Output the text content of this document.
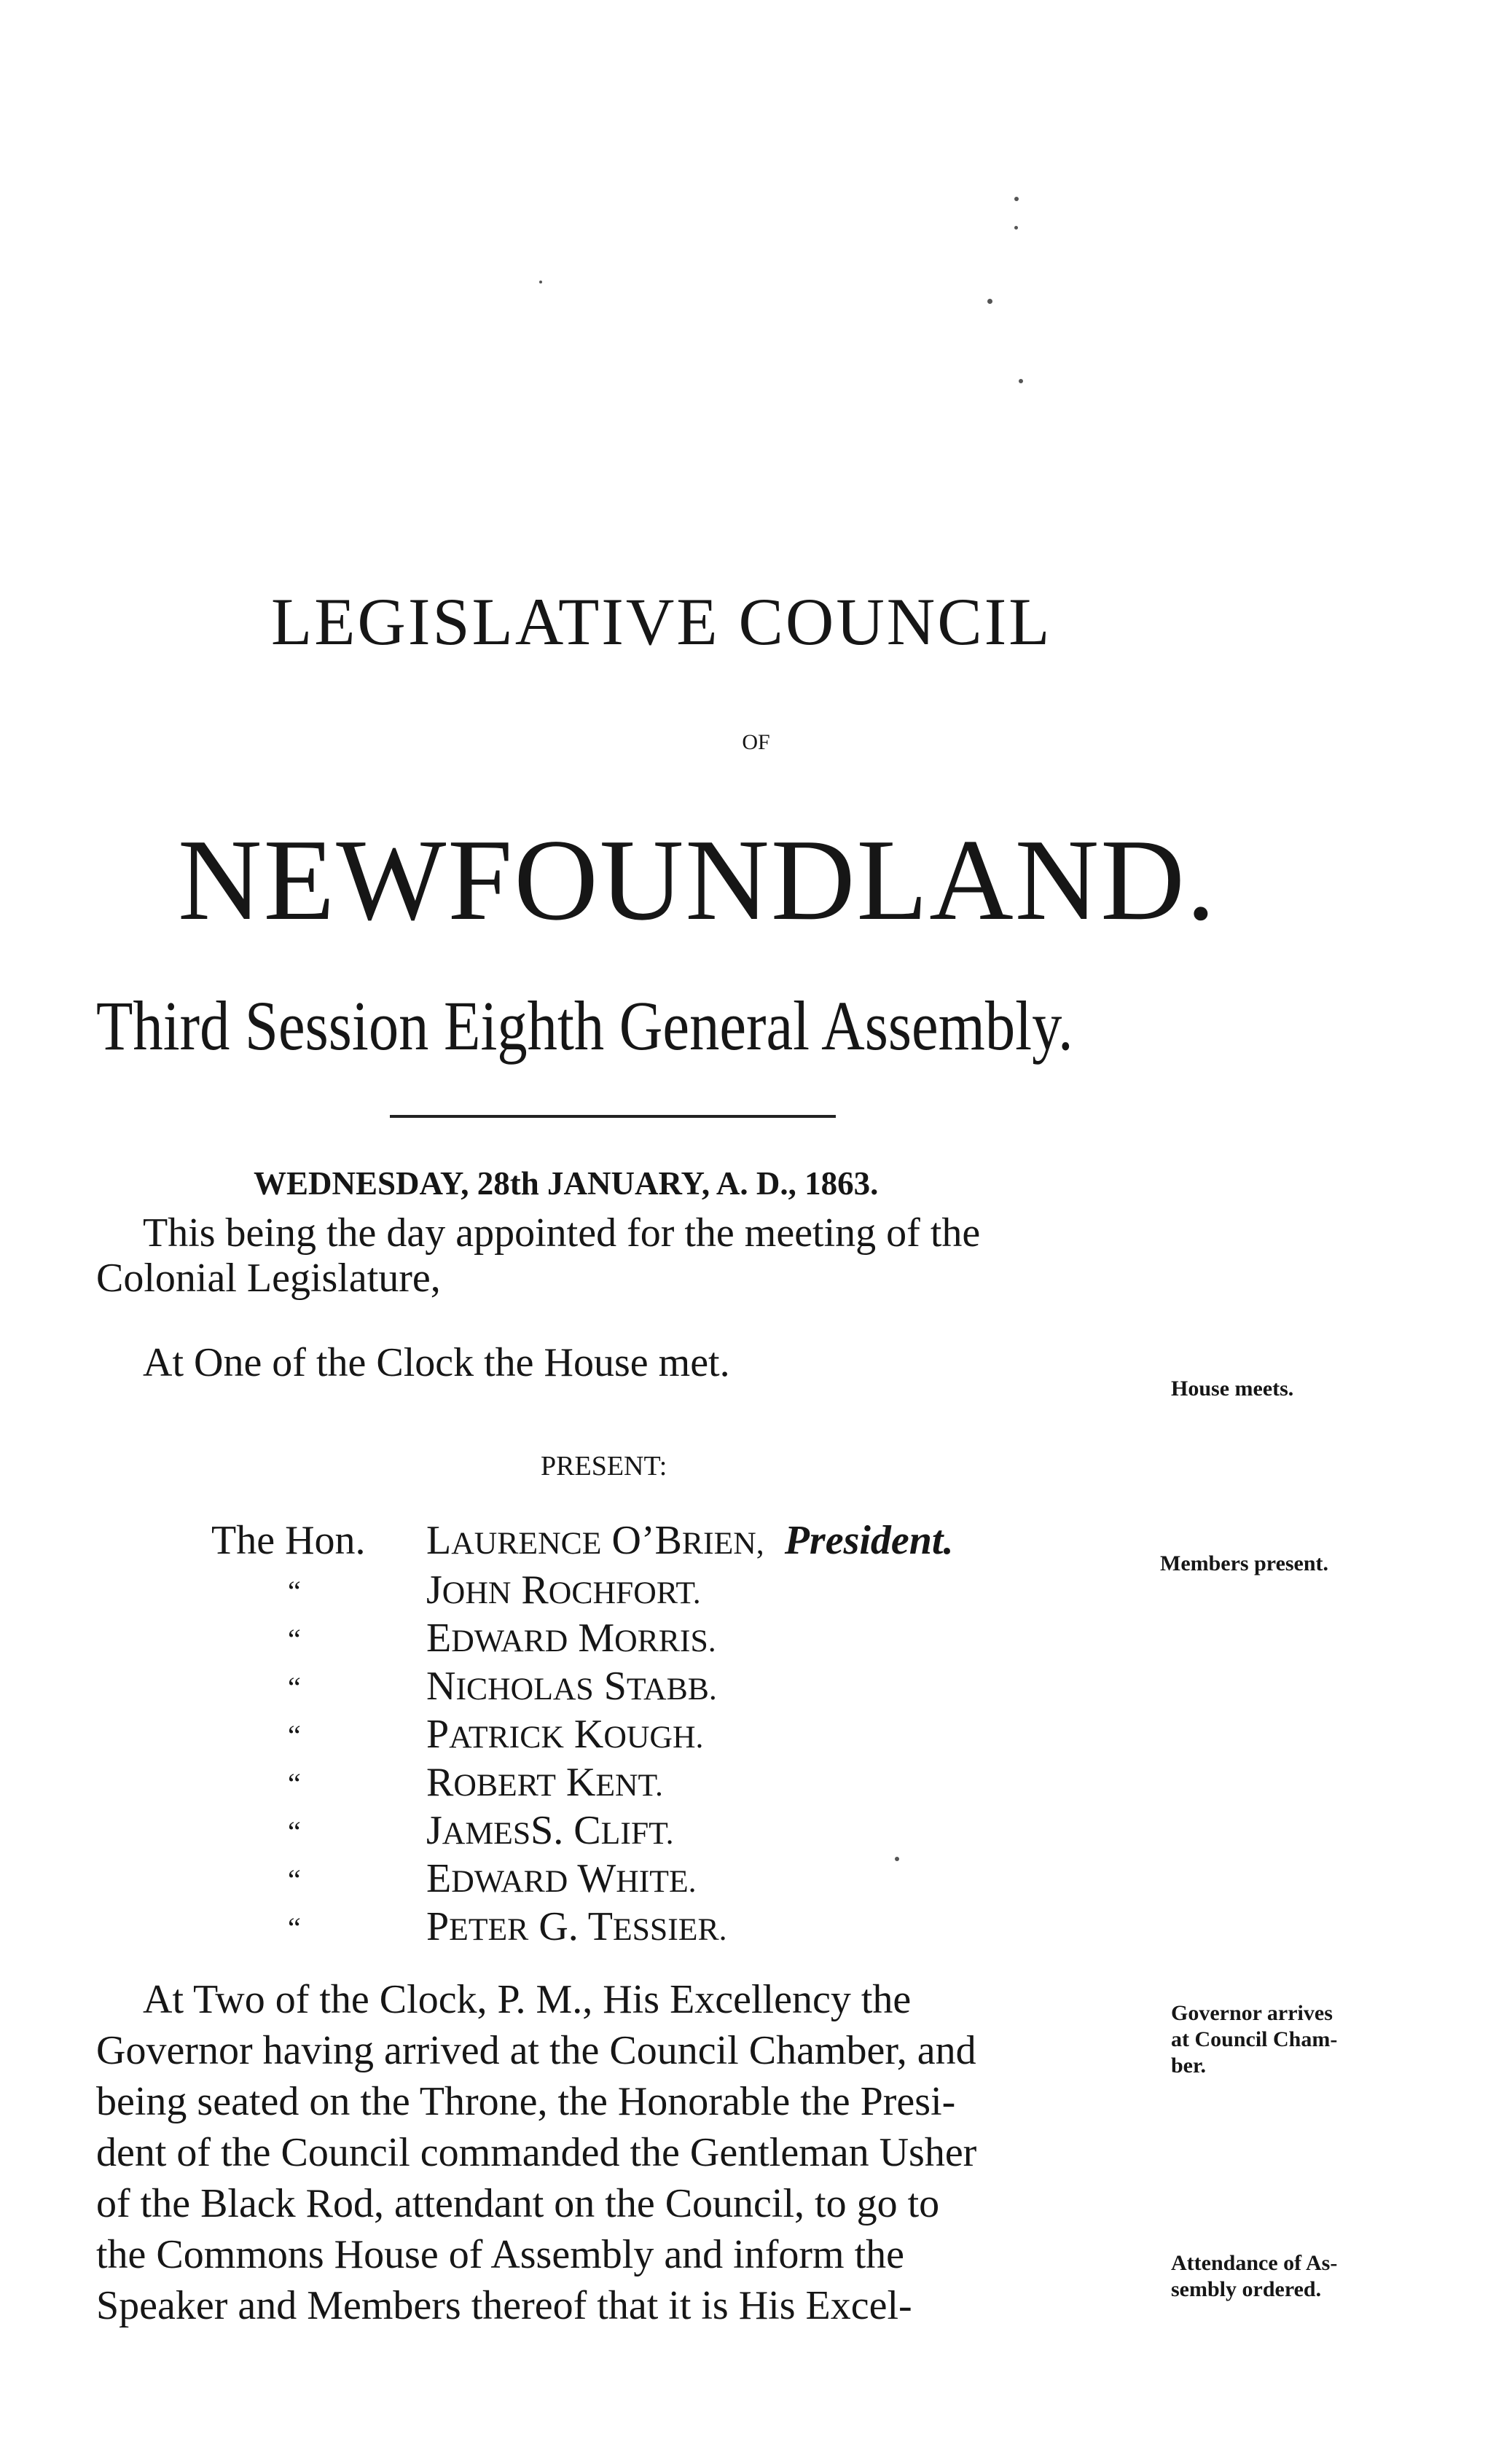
LEGISLATIVE COUNCIL
OF
NEWFOUNDLAND.
Third Session Eighth General Assembly.
WEDNESDAY, 28th JANUARY, A. D., 1863.
This being the day appointed for the meeting of the
Colonial Legislature,
At One of the Clock the House met.
House meets.
PRESENT:
The Hon. LAURENCE O’BRIEN, President.
Members present.
“	JOHN ROCHFORT.
“	EDWARD MORRIS.
“	NICHOLAS STABB.
“	PATRICK KOUGH.
“	ROBERT KENT.
“	JAMESS. CLIFT.
“	EDWARD WHITE.
“	PETER G. TESSIER.
At Two of the Clock, P. M., His Excellency the
Governor having arrived at the Council Chamber, and
being seated on the Throne, the Honorable the Presi-
dent of the Council commanded the Gentleman Usher
of the Black Rod, attendant on the Council, to go to
the Commons House of Assembly and inform the
Speaker and Members thereof that it is His Excel-
Governor arrives
at Council Cham-
ber.
Attendance of As-
sembly ordered.
